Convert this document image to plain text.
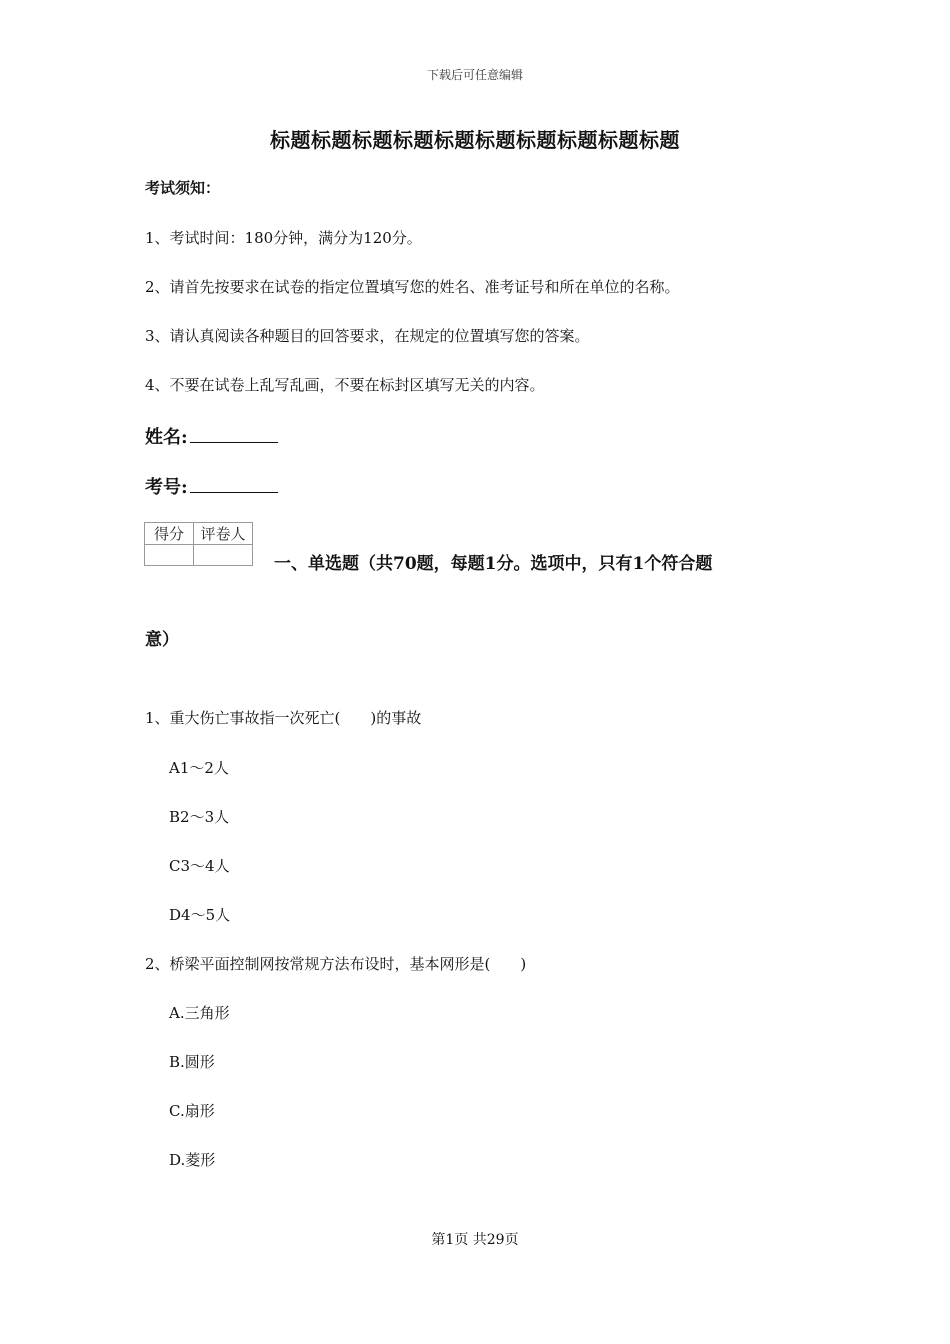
下载后可任意编辑
标题标题标题标题标题标题标题标题标题标题
考试须知：
1、考试时间：180分钟，满分为120分。
2、请首先按要求在试卷的指定位置填写您的姓名、准考证号和所在单位的名称。
3、请认真阅读各种题目的回答要求，在规定的位置填写您的答案。
4、不要在试卷上乱写乱画，不要在标封区填写无关的内容。
姓名:
考号:
得分	评卷人

一、单选题（共70题，每题1分。选项中，只有1个符合题
意）
1、重大伤亡事故指一次死亡(　　)的事故
A1～2人
B2～3人
C3～4人
D4～5人
2、桥梁平面控制网按常规方法布设时，基本网形是(　　)
A.三角形
B.圆形
C.扇形
D.菱形
第1页 共29页
